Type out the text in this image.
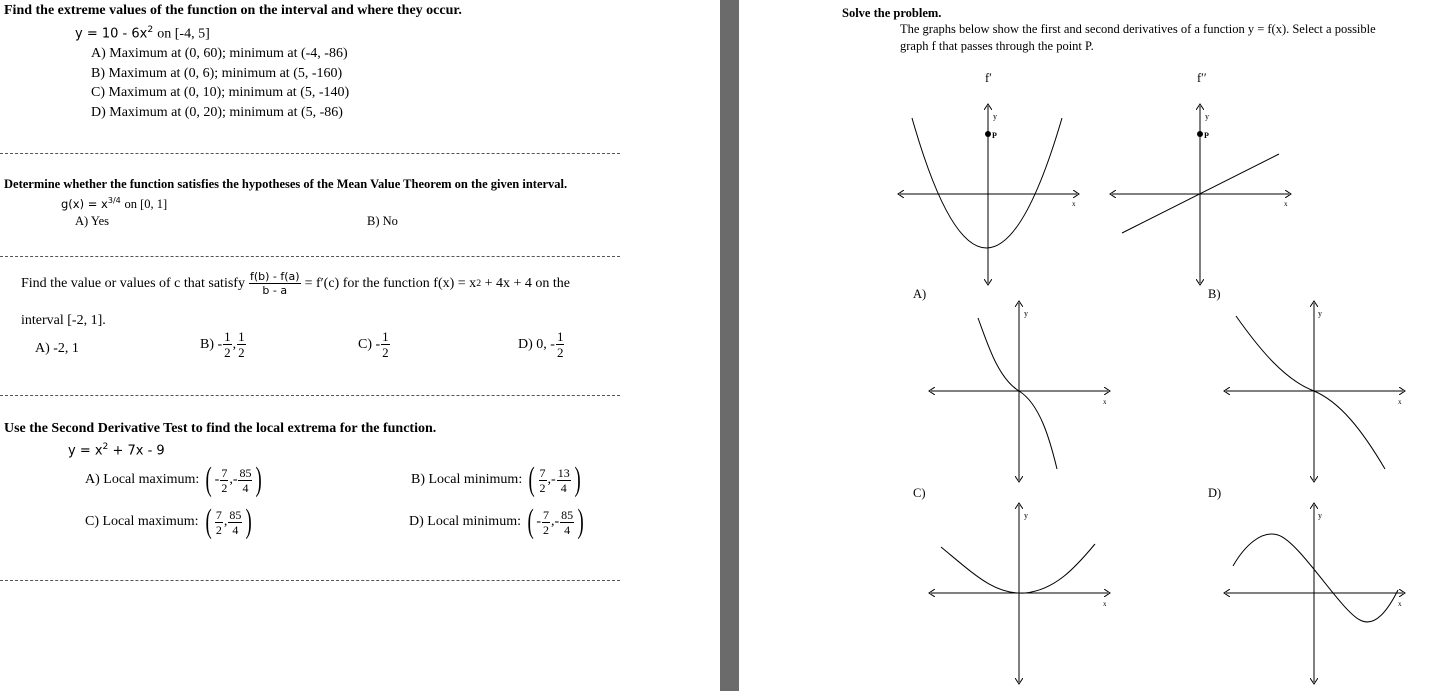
Find the extreme values of the function on the interval and where they occur.
$y = 10 - 6x^2$ on [-4, 5]
A) Maximum at (0, 60); minimum at (-4, -86)
B) Maximum at (0, 6); minimum at (5, -160)
C) Maximum at (0, 10); minimum at (5, -140)
D) Maximum at (0, 20); minimum at (5, -86)
Determine whether the function satisfies the hypotheses of the Mean Value Theorem on the given interval.
$g(x) = x^{3/4}$ on [0, 1]
A) Yes	B) No
Find the value or values of c that satisfy $\frac{f(b) - f(a)}{b - a} = f'(c)$ for the function f(x) = x 2
+ 4x + 4 on the
interval [-2, 1].
A) -2, 1	$B) - \frac{1}{2}$ , $\frac{1}{2}$	$C) - \frac{1}{2}$	D) 0, - $\frac{1}{2}$
Use the Second Derivative Test to find the local extrema for the function.
$y = x^2 + 7x - 9$
A) Local maximum: ( - $\frac{7}{2}$ , - $\frac{85}{4}$ )	B) Local minimum: ( $\frac{7}{2}$ , - $\frac{13}{4}$ )
C) Local maximum: ( $\frac{7}{2}$ , $\frac{85}{4}$ )	D) Local minimum: ( - $\frac{7}{2}$ , - $\frac{85}{4}$ )
Solve the problem.
The graphs below show the first and second derivatives of a function y = f(x). Select a possible
graph f that passes through the point P.
f′	f′′
A)	B)
C)	D)
P
y
x
P
y
x
y
x
y
x
y
x
y
x
